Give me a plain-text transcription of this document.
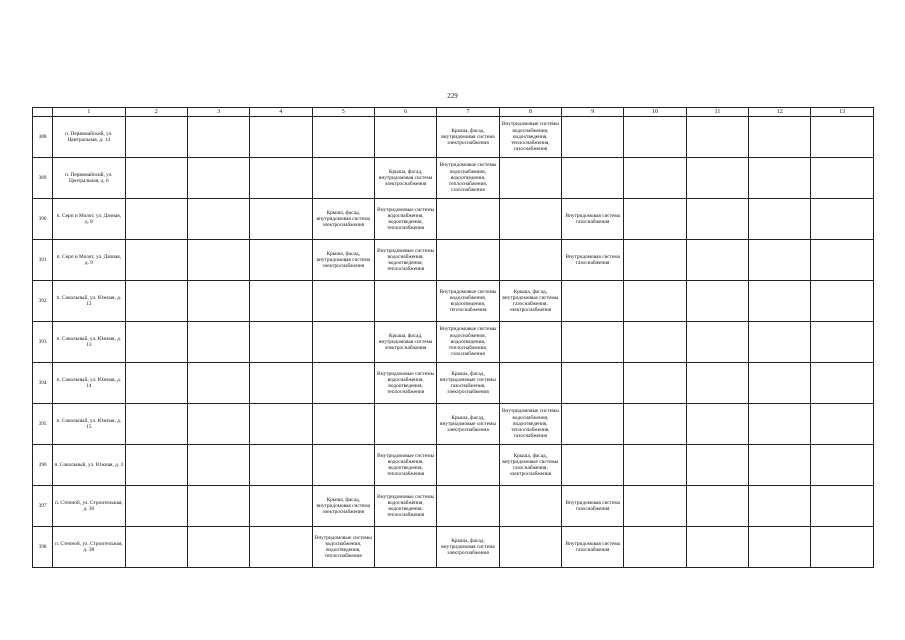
229
	1	2	3	4	5	6	7	8	9	10	11	12	13
388	п. Первомайский, ул. Центральная, д. 14						Крыша, фасад, внутридомовая система электроснабжения	Внутридомовые системы водоснабжения, водоотведения, теплоснабжения, газоснабжения					

389	п. Первомайский, ул. Центральная, д. 6					Крыша, фасад, внутридомовая система электроснабжения	Внутридомовые системы водоснабжения, водоотведения, теплоснабжения, газоснабжения						

390	п. Серп и Молот, ул. Дачная, д. 8				Крыша, фасад, внутридомовая система электроснабжения	Внутридомовые системы водоснабжения, водоотведения, теплоснабжения			Внутридомовая система газоснабжения				

391	п. Серп и Молот, ул. Дачная, д. 9				Крыша, фасад, внутридомовая система электроснабжения	Внутридомовые системы водоснабжения, водоотведения, теплоснабжения			Внутридомовая система газоснабжения				

392	п. Сокольный, ул. Южная, д. 12						Внутридомовые системы водоснабжения, водоотведения, теплоснабжения	Крыша, фасад, внутридомовые системы газоснабжения, электроснабжения					

393	п. Сокольный, ул. Южная, д. 13					Крыша, фасад, внутридомовая система электроснабжения	Внутридомовые системы водоснабжения, водоотведения, теплоснабжения, газоснабжения						

394	п. Сокольный, ул. Южная, д. 14					Внутридомовые системы водоснабжения, водоотведения, теплоснабжения	Крыша, фасад, внутридомовые системы газоснабжения, электроснабжения						

395	п. Сокольный, ул. Южная, д. 15						Крыша, фасад, внутридомовые системы электроснабжения	Внутридомовые системы водоснабжения, водоотведения, теплоснабжения, газоснабжения					

396	п. Сокольный, ул. Южная, д. 3					Внутридомовые системы водоснабжения, водоотведения, теплоснабжения		Крыша, фасад, внутридомовые системы газоснабжения, электроснабжения					

397	п. Степной, ул. Строительная, д. 30				Крыша, фасад, внутридомовая система электроснабжения	Внутридомовые системы водоснабжения, водоотведения, теплоснабжения			Внутридомовая система газоснабжения				

398	п. Степной, ул. Строительная, д. 38				Внутридомовые системы водоснабжения, водоотведения, теплоснабжения		Крыша, фасад, внутридомовая система электроснабжения		Внутридомовая система газоснабжения				
